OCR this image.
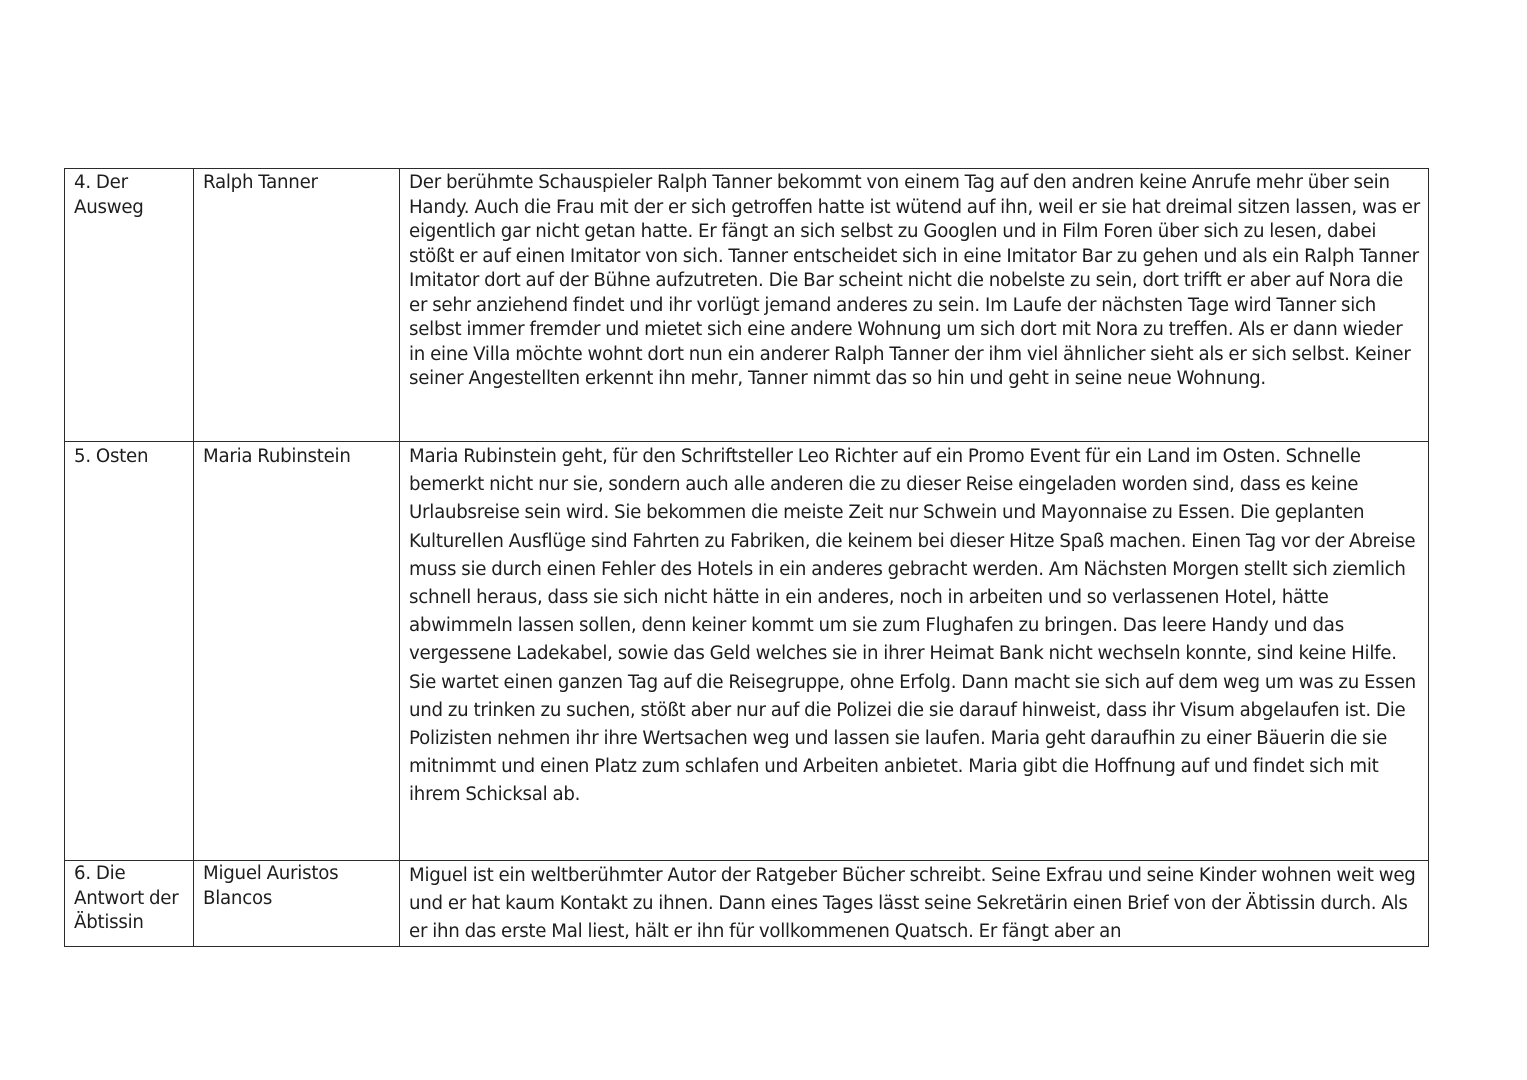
4. Der Ausweg	Ralph Tanner	Der berühmte Schauspieler Ralph Tanner bekommt von einem Tag auf den andren keine Anrufe mehr über sein Handy. Auch die Frau mit der er sich getroffen hatte ist wütend auf ihn, weil er sie hat dreimal sitzen lassen, was er eigentlich gar nicht getan hatte. Er fängt an sich selbst zu Googlen und in Film Foren über sich zu lesen, dabei stößt er auf einen Imitator von sich. Tanner entscheidet sich in eine Imitator Bar zu gehen und als ein Ralph Tanner Imitator dort auf der Bühne aufzutreten. Die Bar scheint nicht die nobelste zu sein, dort trifft er aber auf Nora die er sehr anziehend findet und ihr vorlügt jemand anderes zu sein. Im Laufe der nächsten Tage wird Tanner sich selbst immer fremder und mietet sich eine andere Wohnung um sich dort mit Nora zu treffen. Als er dann wieder in eine Villa möchte wohnt dort nun ein anderer Ralph Tanner der ihm viel ähnlicher sieht als er sich selbst. Keiner seiner Angestellten erkennt ihn mehr, Tanner nimmt das so hin und geht in seine neue Wohnung.
5. Osten	Maria Rubinstein	Maria Rubinstein geht, für den Schriftsteller Leo Richter auf ein Promo Event für ein Land im Osten. Schnelle bemerkt nicht nur sie, sondern auch alle anderen die zu dieser Reise eingeladen worden sind, dass es keine Urlaubsreise sein wird. Sie bekommen die meiste Zeit nur Schwein und Mayonnaise zu Essen. Die geplanten Kulturellen Ausflüge sind Fahrten zu Fabriken, die keinem bei dieser Hitze Spaß machen. Einen Tag vor der Abreise muss sie durch einen Fehler des Hotels in ein anderes gebracht werden. Am Nächsten Morgen stellt sich ziemlich schnell heraus, dass sie sich nicht hätte in ein anderes, noch in arbeiten und so verlassenen Hotel, hätte abwimmeln lassen sollen, denn keiner kommt um sie zum Flughafen zu bringen. Das leere Handy und das vergessene Ladekabel, sowie das Geld welches sie in ihrer Heimat Bank nicht wechseln konnte, sind keine Hilfe. Sie wartet einen ganzen Tag auf die Reisegruppe, ohne Erfolg. Dann macht sie sich auf dem weg um was zu Essen und zu trinken zu suchen, stößt aber nur auf die Polizei die sie darauf hinweist, dass ihr Visum abgelaufen ist. Die Polizisten nehmen ihr ihre Wertsachen weg und lassen sie laufen. Maria geht daraufhin zu einer Bäuerin die sie mitnimmt und einen Platz zum schlafen und Arbeiten anbietet. Maria gibt die Hoffnung auf und findet sich mit ihrem Schicksal ab.
6. Die Antwort der Äbtissin	Miguel Auristos Blancos	Miguel ist ein weltberühmter Autor der Ratgeber Bücher schreibt. Seine Exfrau und seine Kinder wohnen weit weg und er hat kaum Kontakt zu ihnen. Dann eines Tages lässt seine Sekretärin einen Brief von der Äbtissin durch. Als er ihn das erste Mal liest, hält er ihn für vollkommenen Quatsch. Er fängt aber an
